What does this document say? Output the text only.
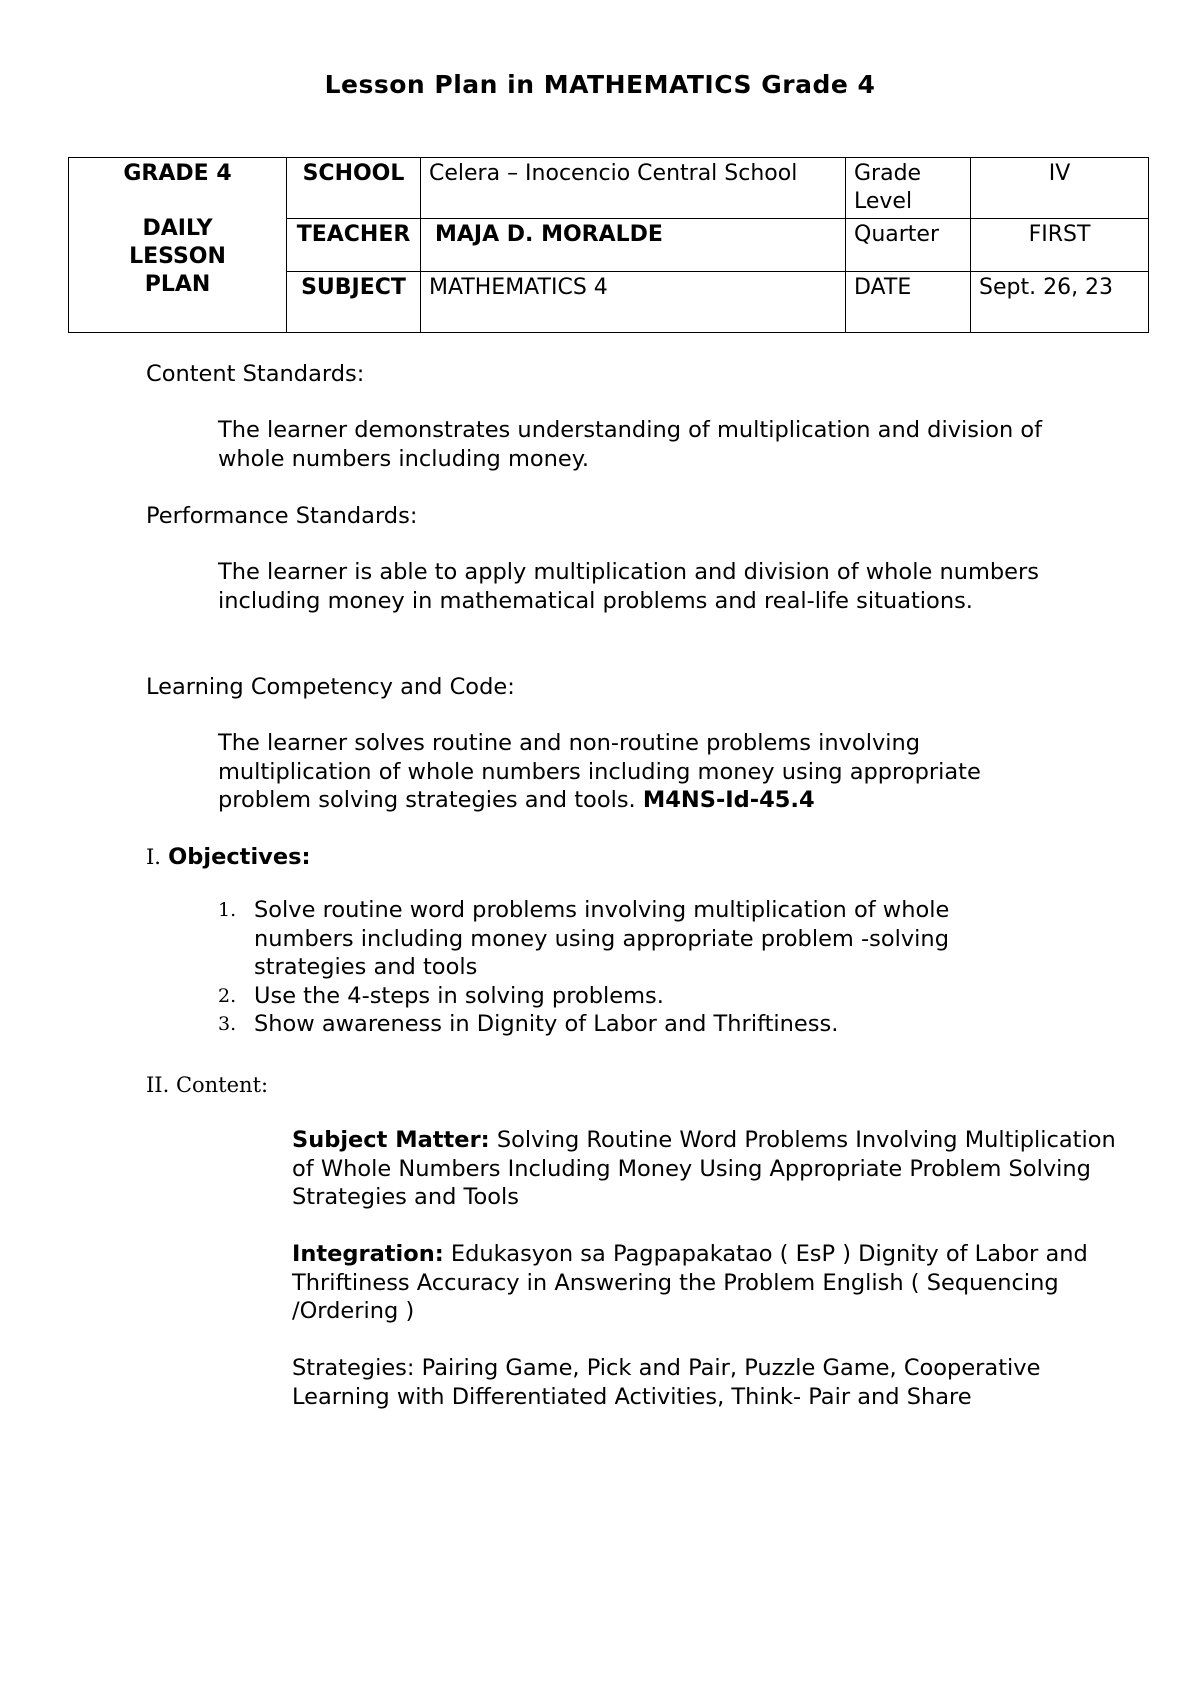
Lesson Plan in MATHEMATICS Grade 4
GRADE 4
DAILY
LESSON
PLAN	SCHOOL	Celera – Inocencio Central School	Grade Level	IV
	TEACHER	MAJA D. MORALDE	Quarter	FIRST
	SUBJECT	MATHEMATICS 4	DATE	Sept. 26, 23
Content Standards:
The learner demonstrates understanding of multiplication and division of whole numbers including money.
Performance Standards:
The learner is able to apply multiplication and division of whole numbers including money in mathematical problems and real-life situations.
Learning Competency and Code:
The learner solves routine and non-routine problems involving multiplication of whole numbers including money using appropriate problem solving strategies and tools. M4NS-Id-45.4
I. Objectives:
1. Solve routine word problems involving multiplication of whole numbers including money using appropriate problem -solving strategies and tools
2. Use the 4-steps in solving problems.
3. Show awareness in Dignity of Labor and Thriftiness.
II. Content:
Subject Matter: Solving Routine Word Problems Involving Multiplication of Whole Numbers Including Money Using Appropriate Problem Solving Strategies and Tools
Integration: Edukasyon sa Pagpapakatao ( EsP ) Dignity of Labor and Thriftiness Accuracy in Answering the Problem English ( Sequencing /Ordering )
Strategies: Pairing Game, Pick and Pair, Puzzle Game, Cooperative Learning with Differentiated Activities, Think- Pair and Share
